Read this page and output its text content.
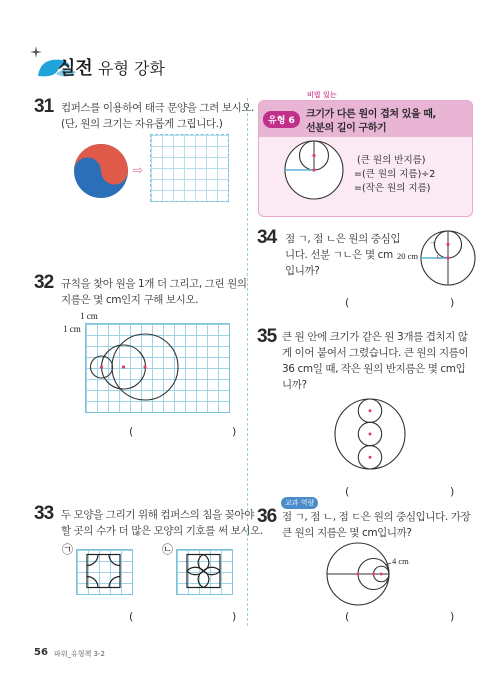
실전 유형 강화
31 컴퍼스를 이용하여 태극 문양을 그려 보시오.
(단, 원의 크기는 자유롭게 그립니다.)
⇨
32 규칙을 찾아 원을 1개 더 그리고, 그린 원의
지름은 몇 cm인지 구해 보시오.
1 cm
1 cm
(	)
33 두 모양을 그리기 위해 컴퍼스의 침을 꽂아야
할 곳의 수가 더 많은 모양의 기호를 써 보시오.
㉠	㉡
(	)
비법 있는
유형 6
크기가 다른 원이 겹쳐 있을 때,
선분의 길이 구하기
(큰 원의 반지름)
=(큰 원의 지름)÷2
=(작은 원의 지름)
34 점 ㄱ, 점 ㄴ은 원의 중심입
니다. 선분 ㄱㄴ은 몇 cm
입니까?
20 cm
ㄱ
ㄴ
(	)
35 큰 원 안에 크기가 같은 원 3개를 겹치지 않
게 이어 붙여서 그렸습니다. 큰 원의 지름이
36 cm일 때, 작은 원의 반지름은 몇 cm입
니까?
(	)
교과 역량
36 점 ㄱ, 점 ㄴ, 점 ㄷ은 원의 중심입니다. 가장
큰 원의 지름은 몇 cm입니까?
4 cm
(	)
56 파워_유형책 3-2
